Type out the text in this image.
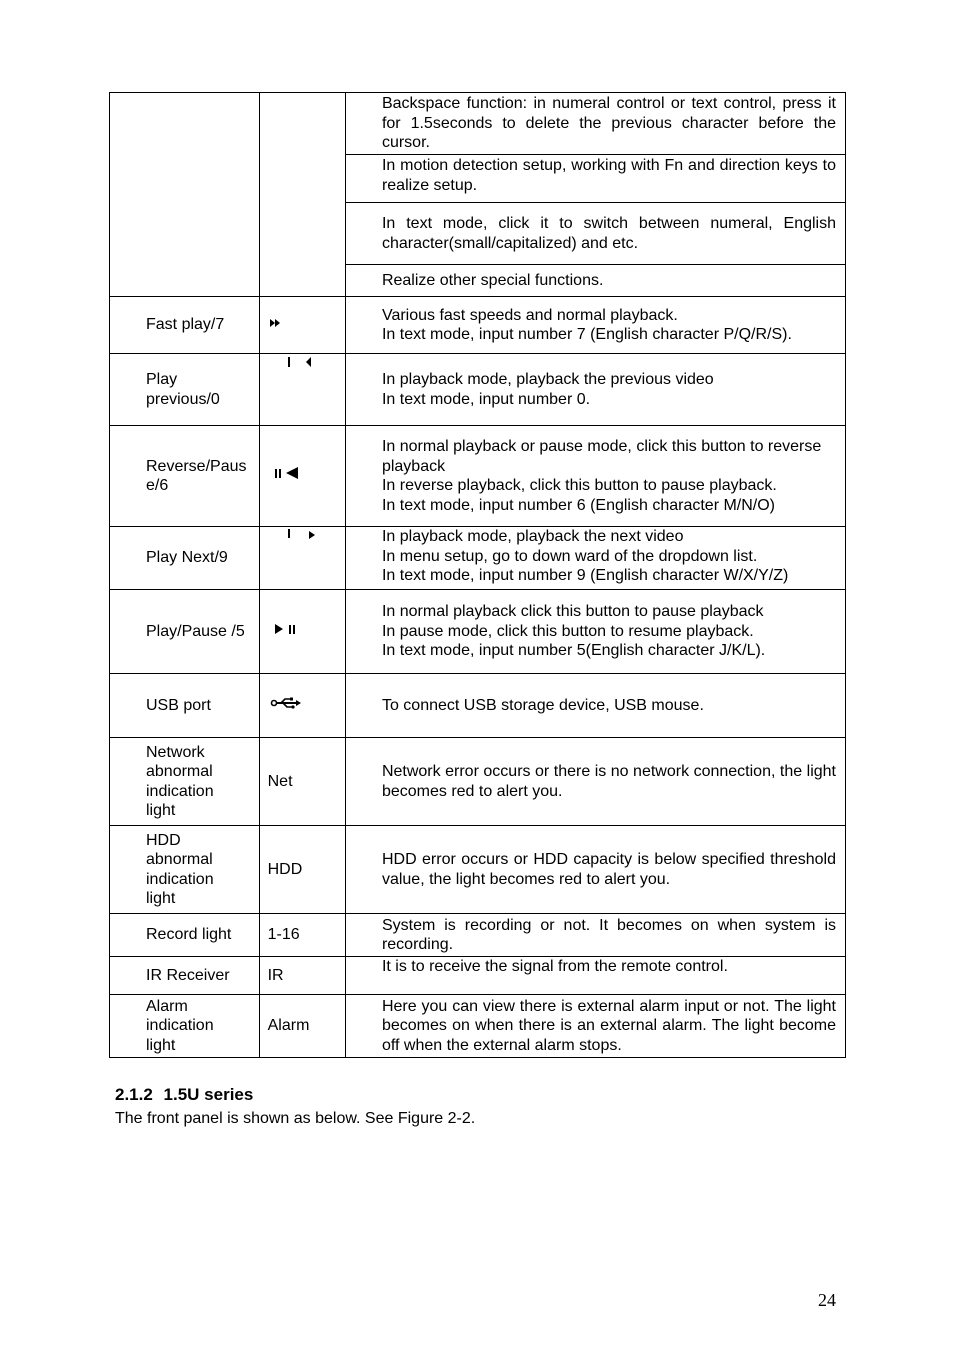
		Backspace function: in numeral control or text control, press it for 1.5seconds to delete the previous character before the cursor.
		In motion detection setup, working with Fn and direction keys to realize setup.
		In text mode, click it to switch between numeral, English character(small/capitalized) and etc.
		Realize other special functions.
Fast play/7		Various fast speeds and normal playback.
In text mode, input number 7 (English character P/Q/R/S).

Play previous/0		In playback mode, playback the previous video
In text mode, input number 0.

Reverse/Pause/6		In normal playback or pause mode, click this button to reverse
playback
In reverse playback, click this button to pause playback.
In text mode, input number 6 (English character M/N/O)

Play Next/9		In playback mode, playback the next video
In menu setup, go to down ward of the dropdown list.
In text mode, input number 9 (English character W/X/Y/Z)

Play/Pause /5		In normal playback click this button to pause playback
In pause mode, click this button to resume playback.
In text mode, input number 5(English character J/K/L).

USB port		To connect USB storage device, USB mouse.

Network abnormal indication light	Net	Network error occurs or there is no network connection, the light becomes red to alert you.

HDD abnormal indication light	HDD	HDD error occurs or HDD capacity is below specified threshold value, the light becomes red to alert you.

Record light	1-16	System is recording or not. It becomes on when system is recording.

IR Receiver	IR	It is to receive the signal from the remote control.

Alarm indication light	Alarm	Here you can view there is external alarm input or not. The light becomes on when there is an external alarm. The light become off when the external alarm stops.
2.1.2 1.5U series
The front panel is shown as below. See Figure 2-2.
24
